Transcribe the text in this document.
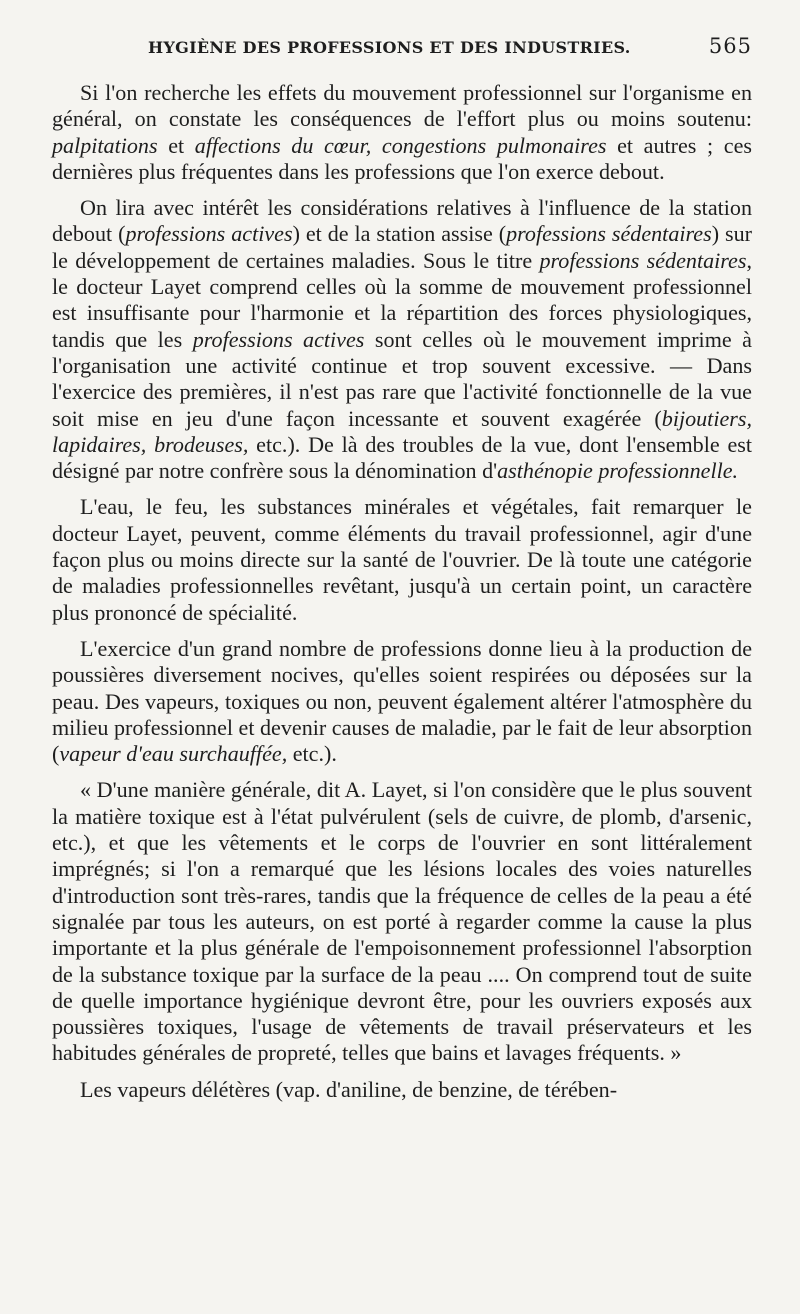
HYGIÈNE DES PROFESSIONS ET DES INDUSTRIES.	565

Si l'on recherche les effets du mouvement professionnel sur l'organisme en général, on constate les conséquences de l'effort plus ou moins soutenu: palpitations et affections du cœur, congestions pulmonaires et autres ; ces dernières plus fréquentes dans les professions que l'on exerce debout.

On lira avec intérêt les considérations relatives à l'influence de la station debout (professions actives) et de la station assise (professions sédentaires) sur le développement de certaines maladies. Sous le titre professions sédentaires, le docteur Layet comprend celles où la somme de mouvement professionnel est insuffisante pour l'harmonie et la répartition des forces physiologiques, tandis que les professions actives sont celles où le mouvement imprime à l'organisation une activité continue et trop souvent excessive. — Dans l'exercice des premières, il n'est pas rare que l'activité fonctionnelle de la vue soit mise en jeu d'une façon incessante et souvent exagérée (bijoutiers, lapidaires, brodeuses, etc.). De là des troubles de la vue, dont l'ensemble est désigné par notre confrère sous la dénomination d'asthénopie professionnelle.

L'eau, le feu, les substances minérales et végétales, fait remarquer le docteur Layet, peuvent, comme éléments du travail professionnel, agir d'une façon plus ou moins directe sur la santé de l'ouvrier. De là toute une catégorie de maladies professionnelles revêtant, jusqu'à un certain point, un caractère plus prononcé de spécialité.

L'exercice d'un grand nombre de professions donne lieu à la production de poussières diversement nocives, qu'elles soient respirées ou déposées sur la peau. Des vapeurs, toxiques ou non, peuvent également altérer l'atmosphère du milieu professionnel et devenir causes de maladie, par le fait de leur absorption (vapeur d'eau surchauffée, etc.).

« D'une manière générale, dit A. Layet, si l'on considère que le plus souvent la matière toxique est à l'état pulvérulent (sels de cuivre, de plomb, d'arsenic, etc.), et que les vêtements et le corps de l'ouvrier en sont littéralement imprégnés; si l'on a remarqué que les lésions locales des voies naturelles d'introduction sont très-rares, tandis que la fréquence de celles de la peau a été signalée par tous les auteurs, on est porté à regarder comme la cause la plus importante et la plus générale de l'empoisonnement professionnel l'absorption de la substance toxique par la surface de la peau .... On comprend tout de suite de quelle importance hygiénique devront être, pour les ouvriers exposés aux poussières toxiques, l'usage de vêtements de travail préservateurs et les habitudes générales de propreté, telles que bains et lavages fréquents. »

Les vapeurs délétères (vap. d'aniline, de benzine, de térében-
